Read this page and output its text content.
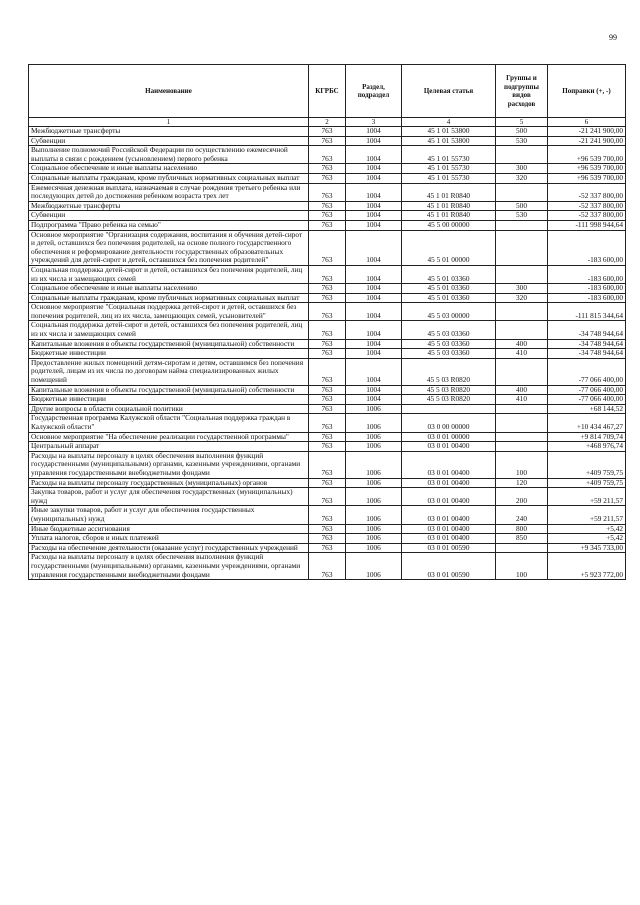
99
Наименование	КГРБС	Раздел, подраздел	Целевая статья	Группы и подгруппы видов расходов	Поправки (+, -)
1	2	3	4	5	6
Межбюджетные трансферты	763	1004	45 1 01 53800	500	-21 241 900,00
Субвенции	763	1004	45 1 01 53800	530	-21 241 900,00
Выполнение полномочий Российской Федерации по осуществлению ежемесячной выплаты в связи с рождением (усыновлением) первого ребенка	763	1004	45 1 01 55730		+96 539 700,00
Социальное обеспечение и иные выплаты населению	763	1004	45 1 01 55730	300	+96 539 700,00
Социальные выплаты гражданам, кроме публичных нормативных социальных выплат	763	1004	45 1 01 55730	320	+96 539 700,00
Ежемесячная денежная выплата, назначаемая в случае рождения третьего ребенка или последующих детей до достижения ребенком возраста трех лет	763	1004	45 1 01 R0840		-52 337 800,00
Межбюджетные трансферты	763	1004	45 1 01 R0840	500	-52 337 800,00
Субвенции	763	1004	45 1 01 R0840	530	-52 337 800,00
Подпрограмма "Право ребенка на семью"	763	1004	45 5 00 00000		-111 998 944,64
Основное мероприятие "Организация содержания, воспитания и обучения детей-сирот и детей, оставшихся без попечения родителей, на основе полного государственного обеспечения и реформирование деятельности государственных образовательных учреждений для детей-сирот и детей, оставшихся без попечения родителей"	763	1004	45 5 01 00000		-183 600,00
Социальная поддержка детей-сирот и детей, оставшихся без попечения родителей, лиц из их числа и замещающих семей	763	1004	45 5 01 03360		-183 600,00
Социальное обеспечение и иные выплаты населению	763	1004	45 5 01 03360	300	-183 600,00
Социальные выплаты гражданам, кроме публичных нормативных социальных выплат	763	1004	45 5 01 03360	320	-183 600,00
Основное мероприятие "Социальная поддержка детей-сирот и детей, оставшихся без попечения родителей, лиц из их числа, замещающих семей, усыновителей"	763	1004	45 5 03 00000		-111 815 344,64
Социальная поддержка детей-сирот и детей, оставшихся без попечения родителей, лиц из их числа и замещающих семей	763	1004	45 5 03 03360		-34 748 944,64
Капитальные вложения в объекты государственной (муниципальной) собственности	763	1004	45 5 03 03360	400	-34 748 944,64
Бюджетные инвестиции	763	1004	45 5 03 03360	410	-34 748 944,64
Предоставление жилых помещений детям-сиротам и детям, оставшимся без попечения родителей, лицам из их числа по договорам найма специализированных жилых помещений	763	1004	45 5 03 R0820		-77 066 400,00
Капитальные вложения в объекты государственной (муниципальной) собственности	763	1004	45 5 03 R0820	400	-77 066 400,00
Бюджетные инвестиции	763	1004	45 5 03 R0820	410	-77 066 400,00
Другие вопросы в области социальной политики	763	1006			+68 144,52
Государственная программа Калужской области "Социальная поддержка граждан в Калужской области"	763	1006	03 0 00 00000		+10 434 467,27
Основное мероприятие "На обеспечение реализации государственной программы"	763	1006	03 0 01 00000		+9 814 709,74
Центральный аппарат	763	1006	03 0 01 00400		+468 976,74
Расходы на выплаты персоналу в целях обеспечения выполнения функций государственными (муниципальными) органами, казенными учреждениями, органами управления государственными внебюджетными фондами	763	1006	03 0 01 00400	100	+409 759,75
Расходы на выплаты персоналу государственных (муниципальных) органов	763	1006	03 0 01 00400	120	+409 759,75
Закупка товаров, работ и услуг для обеспечения государственных (муниципальных) нужд	763	1006	03 0 01 00400	200	+59 211,57
Иные закупки товаров, работ и услуг для обеспечения государственных (муниципальных) нужд	763	1006	03 0 01 00400	240	+59 211,57
Иные бюджетные ассигнования	763	1006	03 0 01 00400	800	+5,42
Уплата налогов, сборов и иных платежей	763	1006	03 0 01 00400	850	+5,42
Расходы на обеспечение деятельности (оказание услуг) государственных учреждений	763	1006	03 0 01 00590		+9 345 733,00
Расходы на выплаты персоналу в целях обеспечения выполнения функций государственными (муниципальными) органами, казенными учреждениями, органами управления государственными внебюджетными фондами	763	1006	03 0 01 00590	100	+5 923 772,00
